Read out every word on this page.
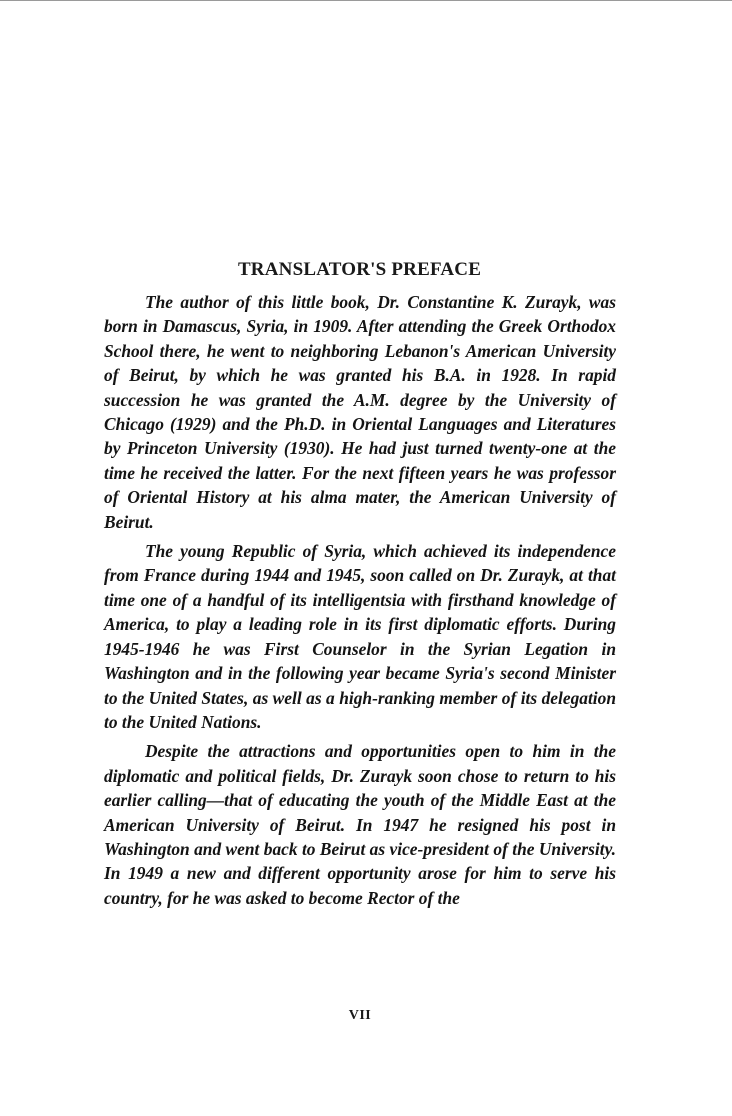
TRANSLATOR'S PREFACE

The author of this little book, Dr. Constantine K. Zurayk, was born in Damascus, Syria, in 1909. After attending the Greek Orthodox School there, he went to neighboring Lebanon's American University of Beirut, by which he was granted his B.A. in 1928. In rapid succession he was granted the A.M. degree by the University of Chicago (1929) and the Ph.D. in Oriental Languages and Literatures by Princeton University (1930). He had just turned twenty-one at the time he received the latter. For the next fifteen years he was professor of Oriental History at his alma mater, the American University of Beirut.

The young Republic of Syria, which achieved its independence from France during 1944 and 1945, soon called on Dr. Zurayk, at that time one of a handful of its intelligentsia with firsthand knowledge of America, to play a leading role in its first diplomatic efforts. During 1945-1946 he was First Counselor in the Syrian Legation in Washington and in the following year became Syria's second Minister to the United States, as well as a high-ranking member of its delegation to the United Nations.

Despite the attractions and opportunities open to him in the diplomatic and political fields, Dr. Zurayk soon chose to return to his earlier calling—that of educating the youth of the Middle East at the American University of Beirut. In 1947 he resigned his post in Washington and went back to Beirut as vice-president of the University. In 1949 a new and different opportunity arose for him to serve his country, for he was asked to become Rector of the

VII
